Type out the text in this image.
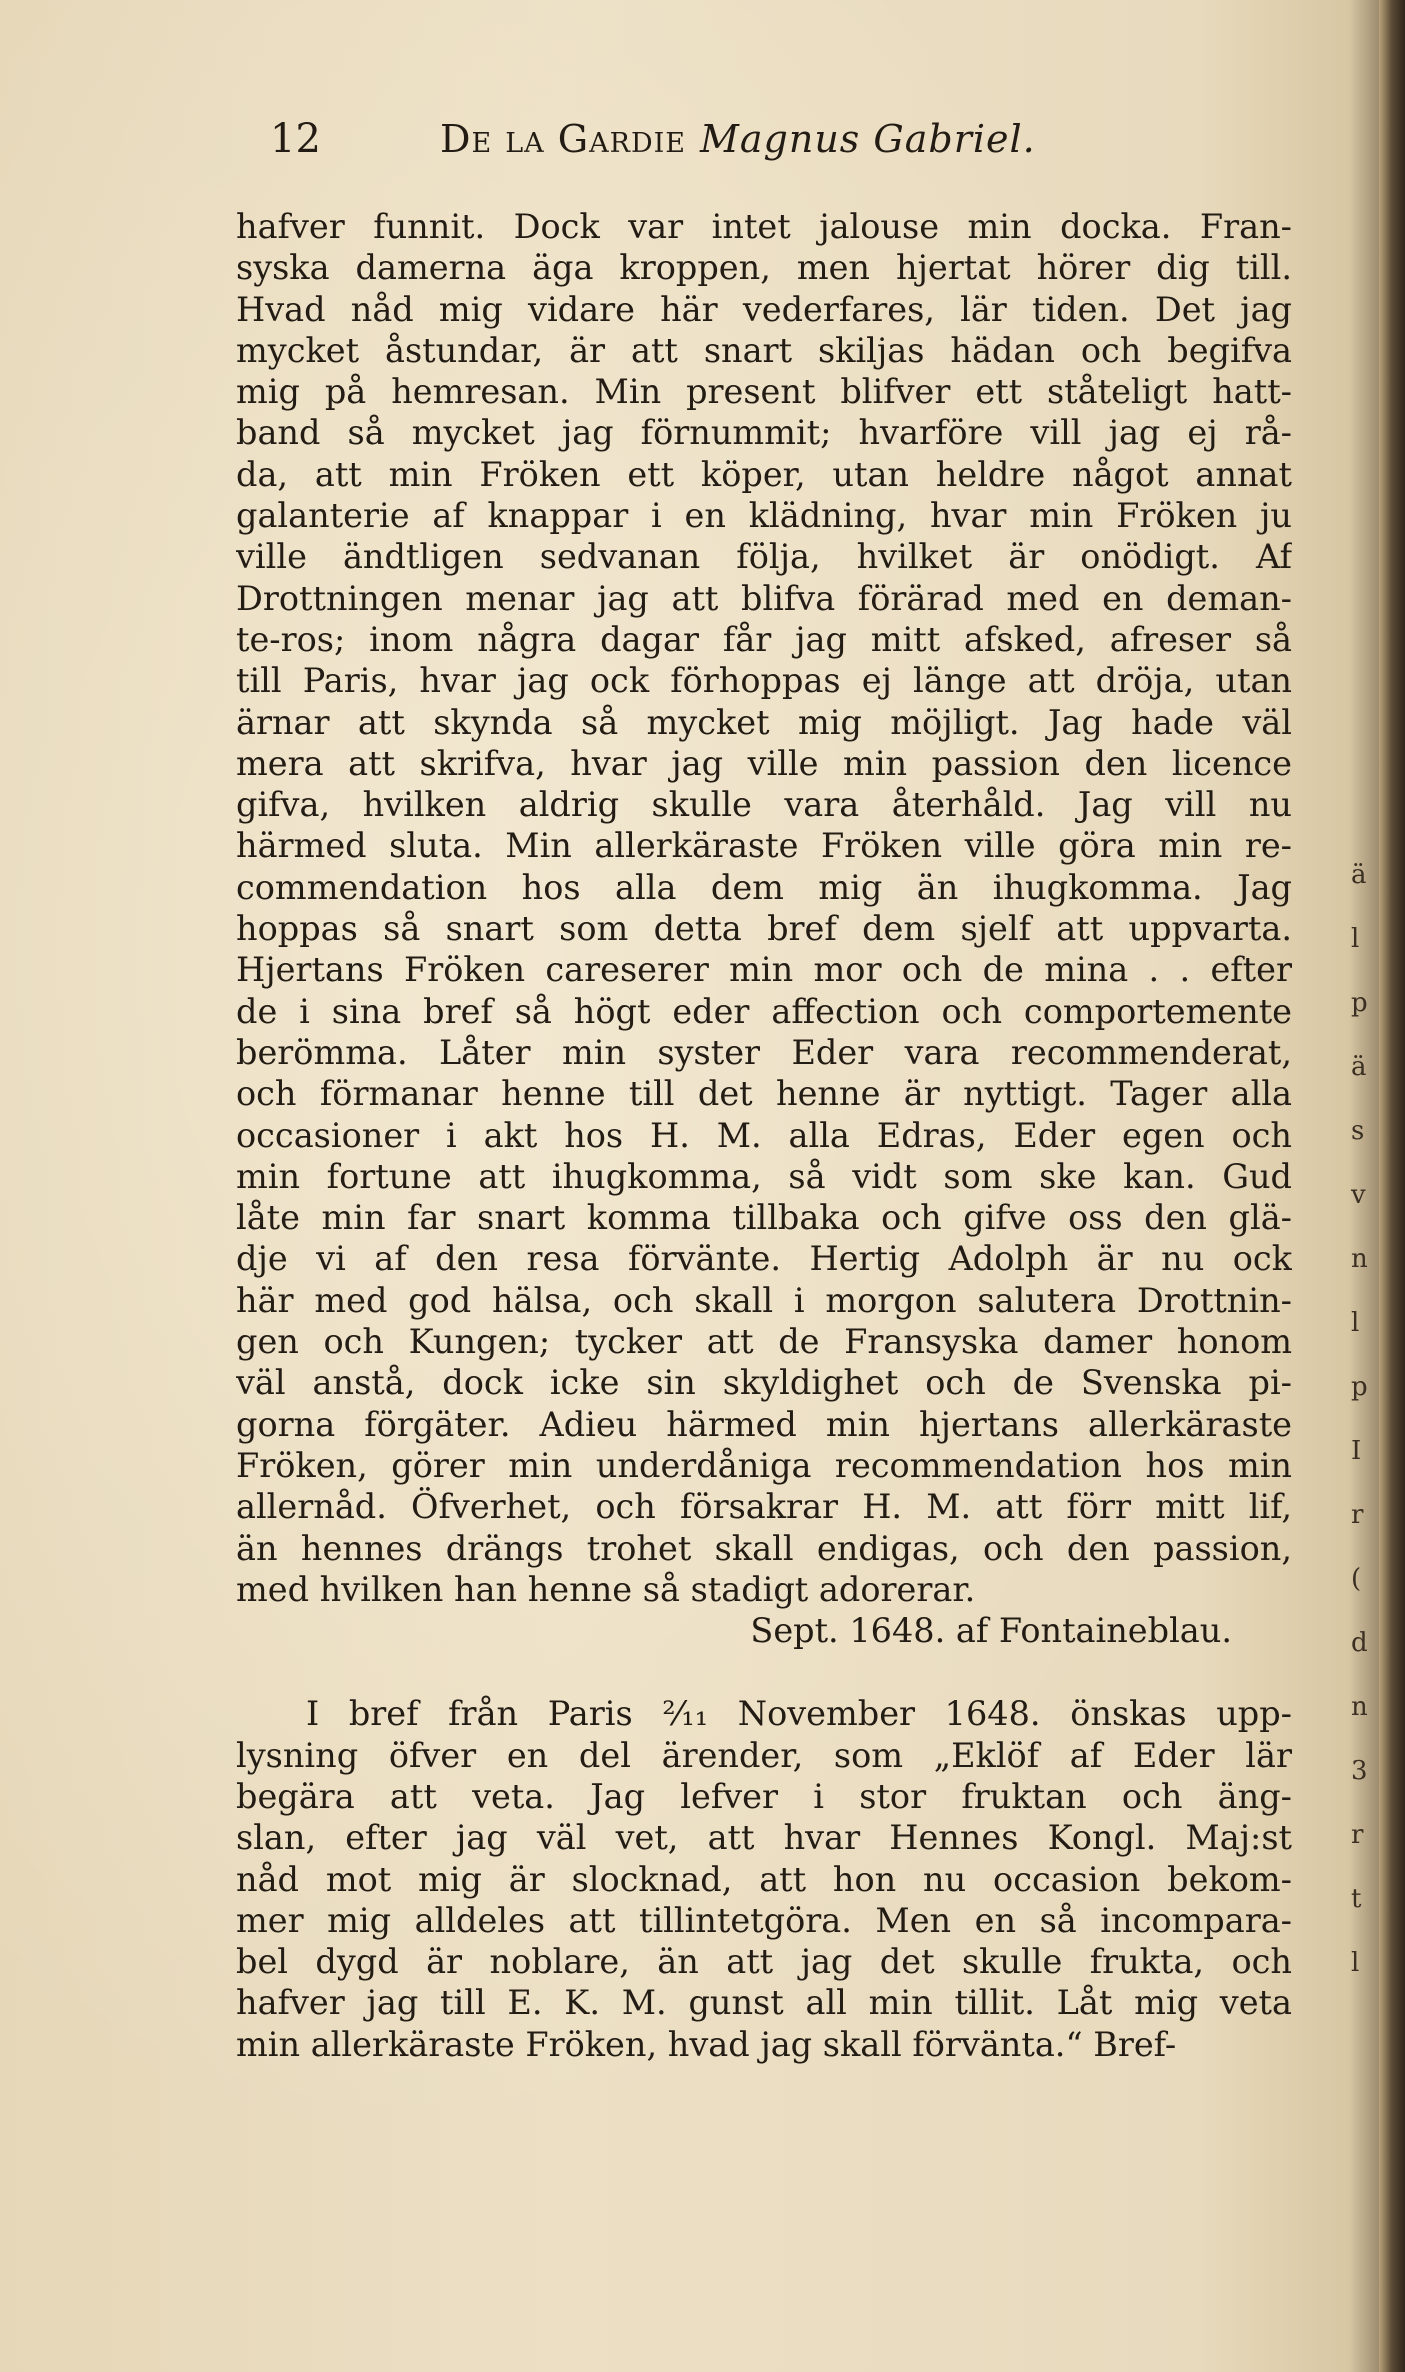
ä
l
p
ä
s
v
n
l
p
I
r
(
d
n
3
r
t
l
12	De la Gardie Magnus Gabriel.
hafver funnit. Dock var intet jalouse min docka. Fran-
syska damerna äga kroppen, men hjertat hörer dig till.
Hvad nåd mig vidare här vederfares, lär tiden. Det jag
mycket åstundar, är att snart skiljas hädan och begifva
mig på hemresan. Min present blifver ett ståteligt hatt-
band så mycket jag förnummit; hvarföre vill jag ej rå-
da, att min Fröken ett köper, utan heldre något annat
galanterie af knappar i en klädning, hvar min Fröken ju
ville ändtligen sedvanan följa, hvilket är onödigt. Af
Drottningen menar jag att blifva förärad med en deman-
te-ros; inom några dagar får jag mitt afsked, afreser så
till Paris, hvar jag ock förhoppas ej länge att dröja, utan
ärnar att skynda så mycket mig möjligt. Jag hade väl
mera att skrifva, hvar jag ville min passion den licence
gifva, hvilken aldrig skulle vara återhåld. Jag vill nu
härmed sluta. Min allerkäraste Fröken ville göra min re-
commendation hos alla dem mig än ihugkomma. Jag
hoppas så snart som detta bref dem sjelf att uppvarta.
Hjertans Fröken careserer min mor och de mina . . efter
de i sina bref så högt eder affection och comportemente
berömma. Låter min syster Eder vara recommenderat,
och förmanar henne till det henne är nyttigt. Tager alla
occasioner i akt hos H. M. alla Edras, Eder egen och
min fortune att ihugkomma, så vidt som ske kan. Gud
låte min far snart komma tillbaka och gifve oss den glä-
dje vi af den resa förvänte. Hertig Adolph är nu ock
här med god hälsa, och skall i morgon salutera Drottnin-
gen och Kungen; tycker att de Fransyska damer honom
väl anstå, dock icke sin skyldighet och de Svenska pi-
gorna förgäter. Adieu härmed min hjertans allerkäraste
Fröken, görer min underdåniga recommendation hos min
allernåd. Öfverhet, och försakrar H. M. att förr mitt lif,
än hennes drängs trohet skall endigas, och den passion,
med hvilken han henne så stadigt adorerar.
Sept. 1648. af Fontaineblau.
I bref från Paris ²⁄₁₁ November 1648. önskas upp-
lysning öfver en del ärender, som „Eklöf af Eder lär
begära att veta. Jag lefver i stor fruktan och äng-
slan, efter jag väl vet, att hvar Hennes Kongl. Maj:st
nåd mot mig är slocknad, att hon nu occasion bekom-
mer mig alldeles att tillintetgöra. Men en så incompara-
bel dygd är noblare, än att jag det skulle frukta, och
hafver jag till E. K. M. gunst all min tillit. Låt mig veta
min allerkäraste Fröken, hvad jag skall förvänta.“ Bref-
